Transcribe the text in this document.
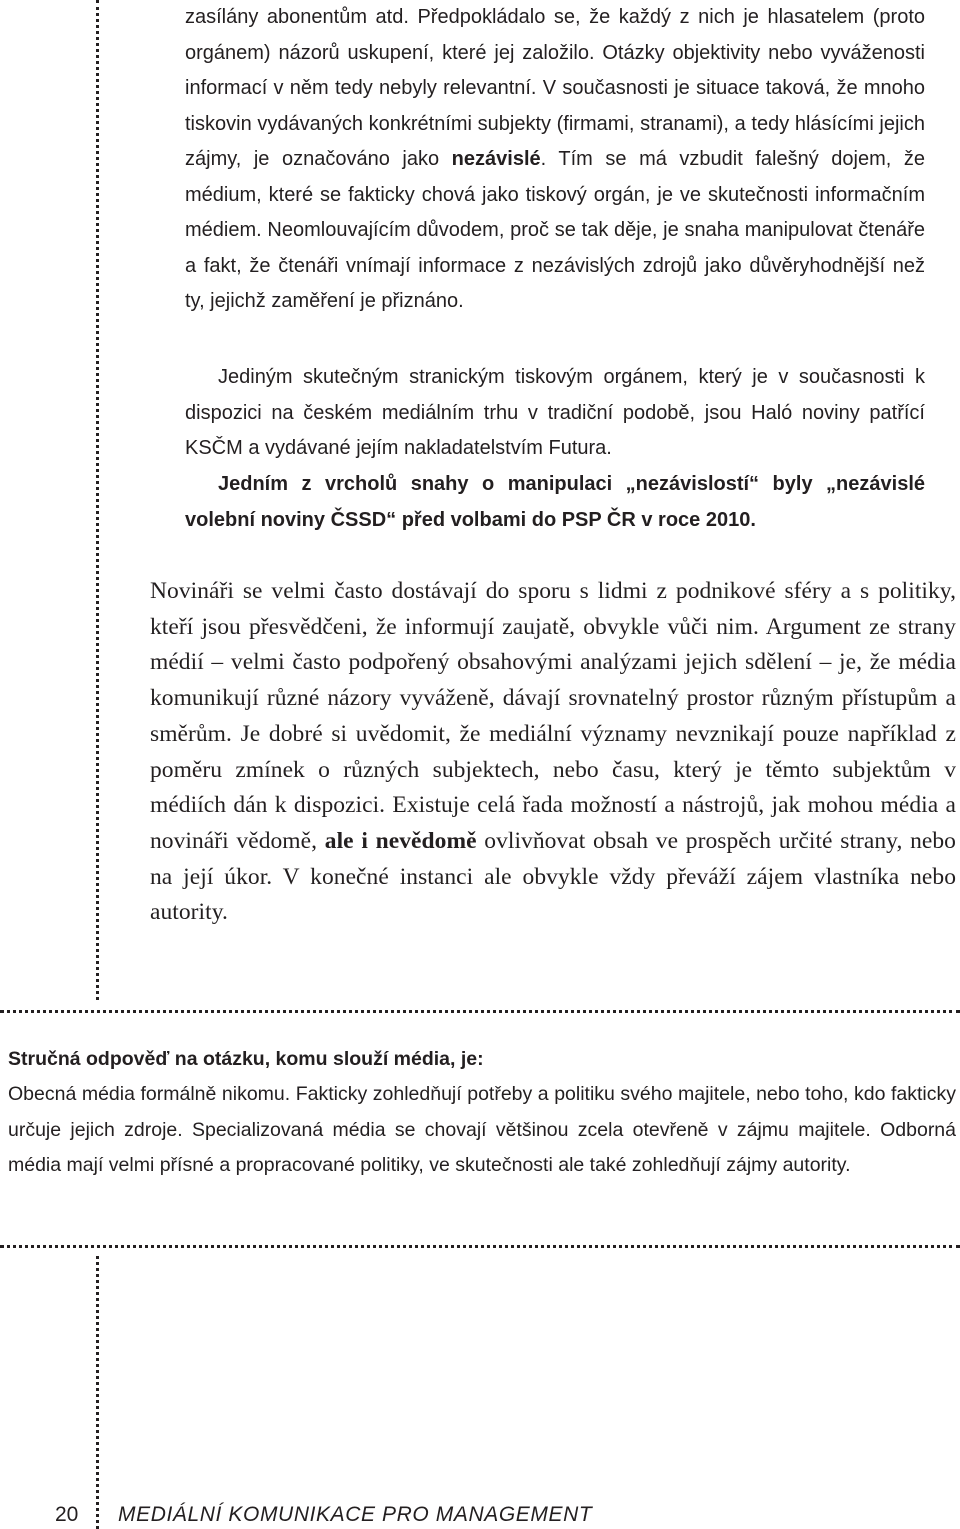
zasílány abonentům atd. Předpokládalo se, že každý z nich je hlasatelem (proto orgánem) názorů uskupení, které jej založilo. Otázky objektivity nebo vyváženosti informací v něm tedy nebyly relevantní. V současnosti je situace taková, že mnoho tiskovin vydávaných konkrétními subjekty (firmami, stranami), a tedy hlásícími jejich zájmy, je označováno jako nezávislé. Tím se má vzbudit falešný dojem, že médium, které se fakticky chová jako tiskový orgán, je ve skutečnosti informačním médiem. Neomlouvajícím důvodem, proč se tak děje, je snaha manipulovat čtenáře a fakt, že čtenáři vnímají informace z nezávislých zdrojů jako důvěryhodnější než ty, jejichž zaměření je přiznáno.

Jediným skutečným stranickým tiskovým orgánem, který je v současnosti k dispozici na českém mediálním trhu v tradiční podobě, jsou Haló noviny patřící KSČM a vydávané jejím nakladatelstvím Futura.

Jedním z vrcholů snahy o manipulaci „nezávislostí“ byly „nezávislé volební noviny ČSSD“ před volbami do PSP ČR v roce 2010.

Novináři se velmi často dostávají do sporu s lidmi z podnikové sféry a s politiky, kteří jsou přesvědčeni, že informují zaujatě, obvykle vůči nim. Argument ze strany médií – velmi často podpořený obsahovými analýzami jejich sdělení – je, že média komunikují různé názory vyváženě, dávají srovnatelný prostor různým přístupům a směrům. Je dobré si uvědomit, že mediální významy nevznikají pouze například z poměru zmínek o různých subjektech, nebo času, který je těmto subjektům v médiích dán k dispozici. Existuje celá řada možností a nástrojů, jak mohou média a novináři vědomě, ale i nevědomě ovlivňovat obsah ve prospěch určité strany, nebo na její úkor. V konečné instanci ale obvykle vždy převáží zájem vlastníka nebo autority.

Stručná odpověď na otázku, komu slouží média, je:

Obecná média formálně nikomu. Fakticky zohledňují potřeby a politiku svého majitele, nebo toho, kdo fakticky určuje jejich zdroje. Specializovaná média se chovají většinou zcela otevřeně v zájmu majitele. Odborná média mají velmi přísné a propracované politiky, ve skutečnosti ale také zohledňují zájmy autority.

20 MEDIÁLNÍ KOMUNIKACE PRO MANAGEMENT
